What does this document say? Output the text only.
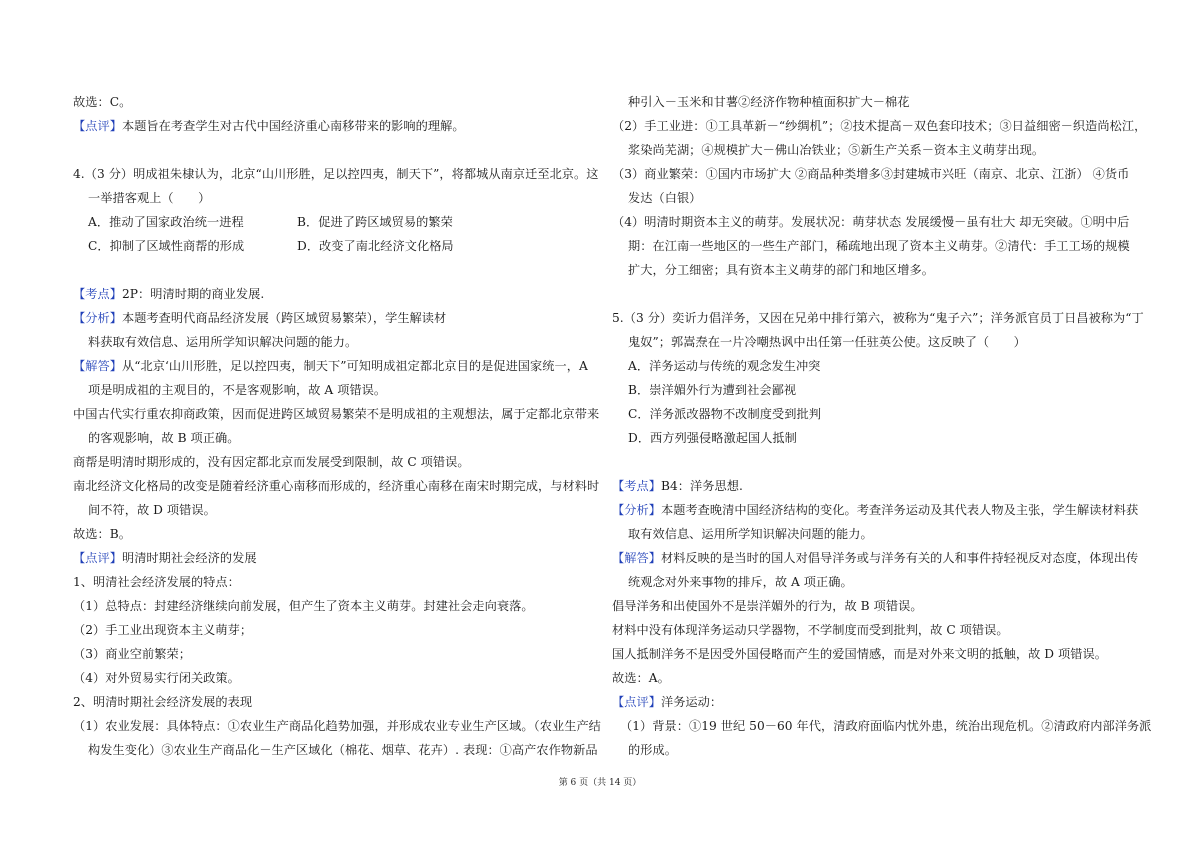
故选：C。
【点评】本题旨在考查学生对古代中国经济重心南移带来的影响的理解。
4.（3 分）明成祖朱棣认为，北京“山川形胜，足以控四夷，制天下”，将都城从南京迁至北京。这
一举措客观上（　　）
A．推动了国家政治统一进程	B．促进了跨区域贸易的繁荣
C．抑制了区域性商帮的形成	D．改变了南北经济文化格局
【考点】2P：明清时期的商业发展.
【分析】本题考查明代商品经济发展（跨区域贸易繁荣），学生解读材
料获取有效信息、运用所学知识解决问题的能力。
【解答】从“北京‘山川形胜，足以控四夷，制天下”可知明成祖定都北京目的是促进国家统一，A
项是明成祖的主观目的，不是客观影响，故 A 项错误。
中国古代实行重农抑商政策，因而促进跨区域贸易繁荣不是明成祖的主观想法，属于定都北京带来
的客观影响，故 B 项正确。
商帮是明清时期形成的，没有因定都北京而发展受到限制，故 C 项错误。
南北经济文化格局的改变是随着经济重心南移而形成的，经济重心南移在南宋时期完成，与材料时
间不符，故 D 项错误。
故选：B。
【点评】明清时期社会经济的发展
1、明清社会经济发展的特点：
（1）总特点：封建经济继续向前发展，但产生了资本主义萌芽。封建社会走向衰落。
（2）手工业出现资本主义萌芽；
（3）商业空前繁荣；
（4）对外贸易实行闭关政策。
2、明清时期社会经济发展的表现
（1）农业发展：具体特点：①农业生产商品化趋势加强，并形成农业专业生产区域。（农业生产结
构发生变化）③农业生产商品化－生产区域化（棉花、烟草、花卉）. 表现：①高产农作物新品
种引入－玉米和甘薯②经济作物种植面积扩大－棉花
（2）手工业进：①工具革新－“纱绸机”；②技术提高－双色套印技术；③日益细密－织造尚松江，
浆染尚芜湖；④规模扩大－佛山冶铁业；⑤新生产关系－资本主义萌芽出现。
（3）商业繁荣：①国内市场扩大 ②商品种类增多③封建城市兴旺（南京、北京、江浙） ④货币
发达（白银）
（4）明清时期资本主义的萌芽。发展状况：萌芽状态 发展缓慢－虽有壮大 却无突破。①明中后
期：在江南一些地区的一些生产部门，稀疏地出现了资本主义萌芽。②清代：手工工场的规模
扩大，分工细密；具有资本主义萌芽的部门和地区增多。
5.（3 分）奕䜣力倡洋务，又因在兄弟中排行第六，被称为“鬼子六”；洋务派官员丁日昌被称为“丁
鬼奴”；郭嵩焘在一片冷嘲热讽中出任第一任驻英公使。这反映了（　　）
A．洋务运动与传统的观念发生冲突
B．崇洋媚外行为遭到社会鄙视
C．洋务派改器物不改制度受到批判
D．西方列强侵略激起国人抵制
【考点】B4：洋务思想.
【分析】本题考查晚清中国经济结构的变化。考查洋务运动及其代表人物及主张，学生解读材料获
取有效信息、运用所学知识解决问题的能力。
【解答】材料反映的是当时的国人对倡导洋务或与洋务有关的人和事件持轻视反对态度，体现出传
统观念对外来事物的排斥，故 A 项正确。
倡导洋务和出使国外不是崇洋媚外的行为，故 B 项错误。
材料中没有体现洋务运动只学器物，不学制度而受到批判，故 C 项错误。
国人抵制洋务不是因受外国侵略而产生的爱国情感，而是对外来文明的抵触，故 D 项错误。
故选：A。
【点评】洋务运动：
（1）背景：①19 世纪 50－60 年代，清政府面临内忧外患，统治出现危机。②清政府内部洋务派
的形成。
第 6 页（共 14 页）
